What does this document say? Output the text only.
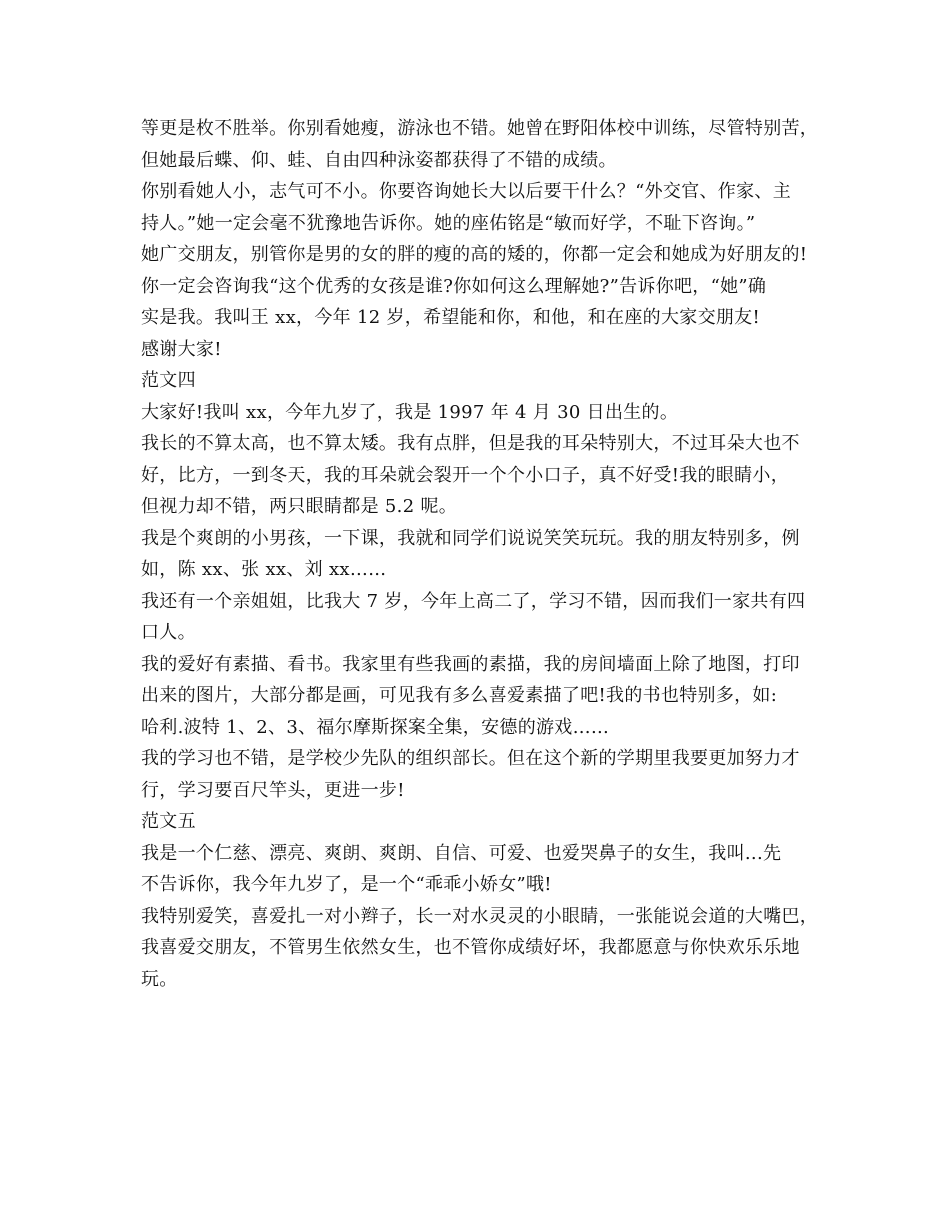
等更是枚不胜举。你别看她瘦，游泳也不错。她曾在野阳体校中训练，尽管特别苦，
但她最后蝶、仰、蛙、自由四种泳姿都获得了不错的成绩。
你别看她人小，志气可不小。你要咨询她长大以后要干什么？“外交官、作家、主
持人。”她一定会毫不犹豫地告诉你。她的座佑铭是“敏而好学，不耻下咨询。”
她广交朋友，别管你是男的女的胖的瘦的高的矮的，你都一定会和她成为好朋友的!
你一定会咨询我“这个优秀的女孩是谁?你如何这么理解她?”告诉你吧，“她”确
实是我。我叫王 xx，今年 12 岁，希望能和你，和他，和在座的大家交朋友!
感谢大家!
范文四
大家好!我叫 xx，今年九岁了，我是 1997 年 4 月 30 日出生的。
我长的不算太高，也不算太矮。我有点胖，但是我的耳朵特别大，不过耳朵大也不
好，比方，一到冬天，我的耳朵就会裂开一个个小口子，真不好受!我的眼睛小，
但视力却不错，两只眼睛都是 5.2 呢。
我是个爽朗的小男孩，一下课，我就和同学们说说笑笑玩玩。我的朋友特别多，例
如，陈 xx、张 xx、刘 xx……
我还有一个亲姐姐，比我大 7 岁，今年上高二了，学习不错，因而我们一家共有四
口人。
我的爱好有素描、看书。我家里有些我画的素描，我的房间墙面上除了地图，打印
出来的图片，大部分都是画，可见我有多么喜爱素描了吧!我的书也特别多，如:
哈利.波特 1、2、3、福尔摩斯探案全集，安德的游戏……
我的学习也不错，是学校少先队的组织部长。但在这个新的学期里我要更加努力才
行，学习要百尺竿头，更进一步!
范文五
我是一个仁慈、漂亮、爽朗、爽朗、自信、可爱、也爱哭鼻子的女生，我叫...先
不告诉你，我今年九岁了，是一个“乖乖小娇女”哦!
我特别爱笑，喜爱扎一对小辫子，长一对水灵灵的小眼睛，一张能说会道的大嘴巴，
我喜爱交朋友，不管男生依然女生，也不管你成绩好坏，我都愿意与你快欢乐乐地
玩。
